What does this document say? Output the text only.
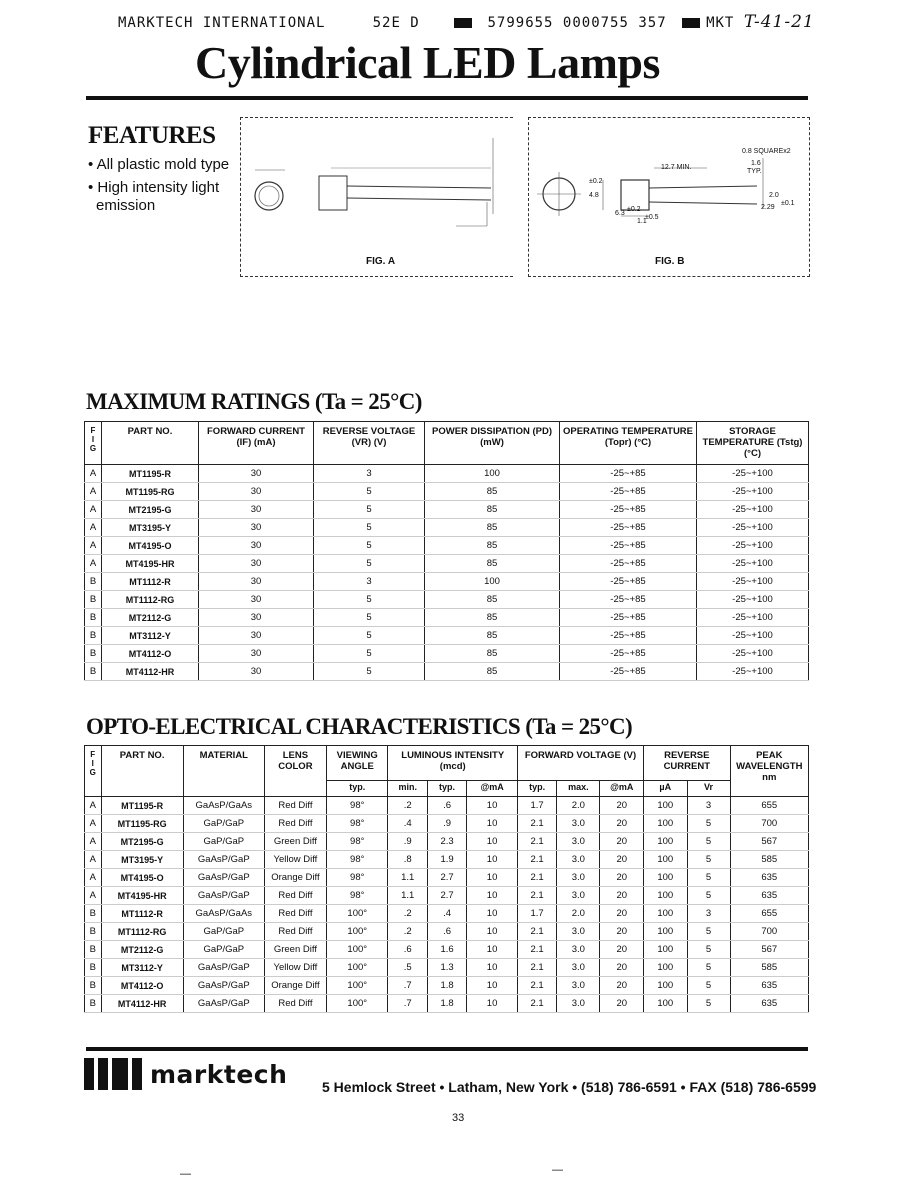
MARKTECH INTERNATIONAL	52E D	5799655 0000755 357	MKT T-41-21
Cylindrical LED Lamps
FEATURES
• All plastic mold type
• High intensity light
emission
FIG. A
0.8 SQUAREx2
1.6
TYP.
12.7 MIN.
2.0
2.29
±0.1
6.3
±0.2
1.1
±0.5
4.8
±0.2
FIG. B
MAXIMUM RATINGS (Ta = 25°C)
F
I
G	PART NO.	FORWARD CURRENT (IF) (mA)	REVERSE VOLTAGE (VR) (V)	POWER DISSIPATION (PD) (mW)	OPERATING TEMPERATURE (Topr) (°C)	STORAGE TEMPERATURE (Tstg) (°C)
A	MT1195-R	30	3	100	-25~+85	-25~+100
A	MT1195-RG	30	5	85	-25~+85	-25~+100
A	MT2195-G	30	5	85	-25~+85	-25~+100
A	MT3195-Y	30	5	85	-25~+85	-25~+100
A	MT4195-O	30	5	85	-25~+85	-25~+100
A	MT4195-HR	30	5	85	-25~+85	-25~+100
B	MT1112-R	30	3	100	-25~+85	-25~+100
B	MT1112-RG	30	5	85	-25~+85	-25~+100
B	MT2112-G	30	5	85	-25~+85	-25~+100
B	MT3112-Y	30	5	85	-25~+85	-25~+100
B	MT4112-O	30	5	85	-25~+85	-25~+100
B	MT4112-HR	30	5	85	-25~+85	-25~+100
OPTO-ELECTRICAL CHARACTERISTICS (Ta = 25°C)
F
I
G	PART NO.	MATERIAL	LENS COLOR	VIEWING ANGLE	LUMINOUS INTENSITY (mcd)			FORWARD VOLTAGE (V)			REVERSE CURRENT		PEAK WAVELENGTH nm
				typ.	min.	typ.	@mA	typ.	max.	@mA	µA	Vr	
A	MT1195-R	GaAsP/GaAs	Red Diff	98°	.2	.6	10	1.7	2.0	20	100	3	655
A	MT1195-RG	GaP/GaP	Red Diff	98°	.4	.9	10	2.1	3.0	20	100	5	700
A	MT2195-G	GaP/GaP	Green Diff	98°	.9	2.3	10	2.1	3.0	20	100	5	567
A	MT3195-Y	GaAsP/GaP	Yellow Diff	98°	.8	1.9	10	2.1	3.0	20	100	5	585
A	MT4195-O	GaAsP/GaP	Orange Diff	98°	1.1	2.7	10	2.1	3.0	20	100	5	635
A	MT4195-HR	GaAsP/GaP	Red Diff	98°	1.1	2.7	10	2.1	3.0	20	100	5	635
B	MT1112-R	GaAsP/GaAs	Red Diff	100°	.2	.4	10	1.7	2.0	20	100	3	655
B	MT1112-RG	GaP/GaP	Red Diff	100°	.2	.6	10	2.1	3.0	20	100	5	700
B	MT2112-G	GaP/GaP	Green Diff	100°	.6	1.6	10	2.1	3.0	20	100	5	567
B	MT3112-Y	GaAsP/GaP	Yellow Diff	100°	.5	1.3	10	2.1	3.0	20	100	5	585
B	MT4112-O	GaAsP/GaP	Orange Diff	100°	.7	1.8	10	2.1	3.0	20	100	5	635
B	MT4112-HR	GaAsP/GaP	Red Diff	100°	.7	1.8	10	2.1	3.0	20	100	5	635
marktech 5 Hemlock Street • Latham, New York • (518) 786-6591 • FAX (518) 786-6599
33
—	—
